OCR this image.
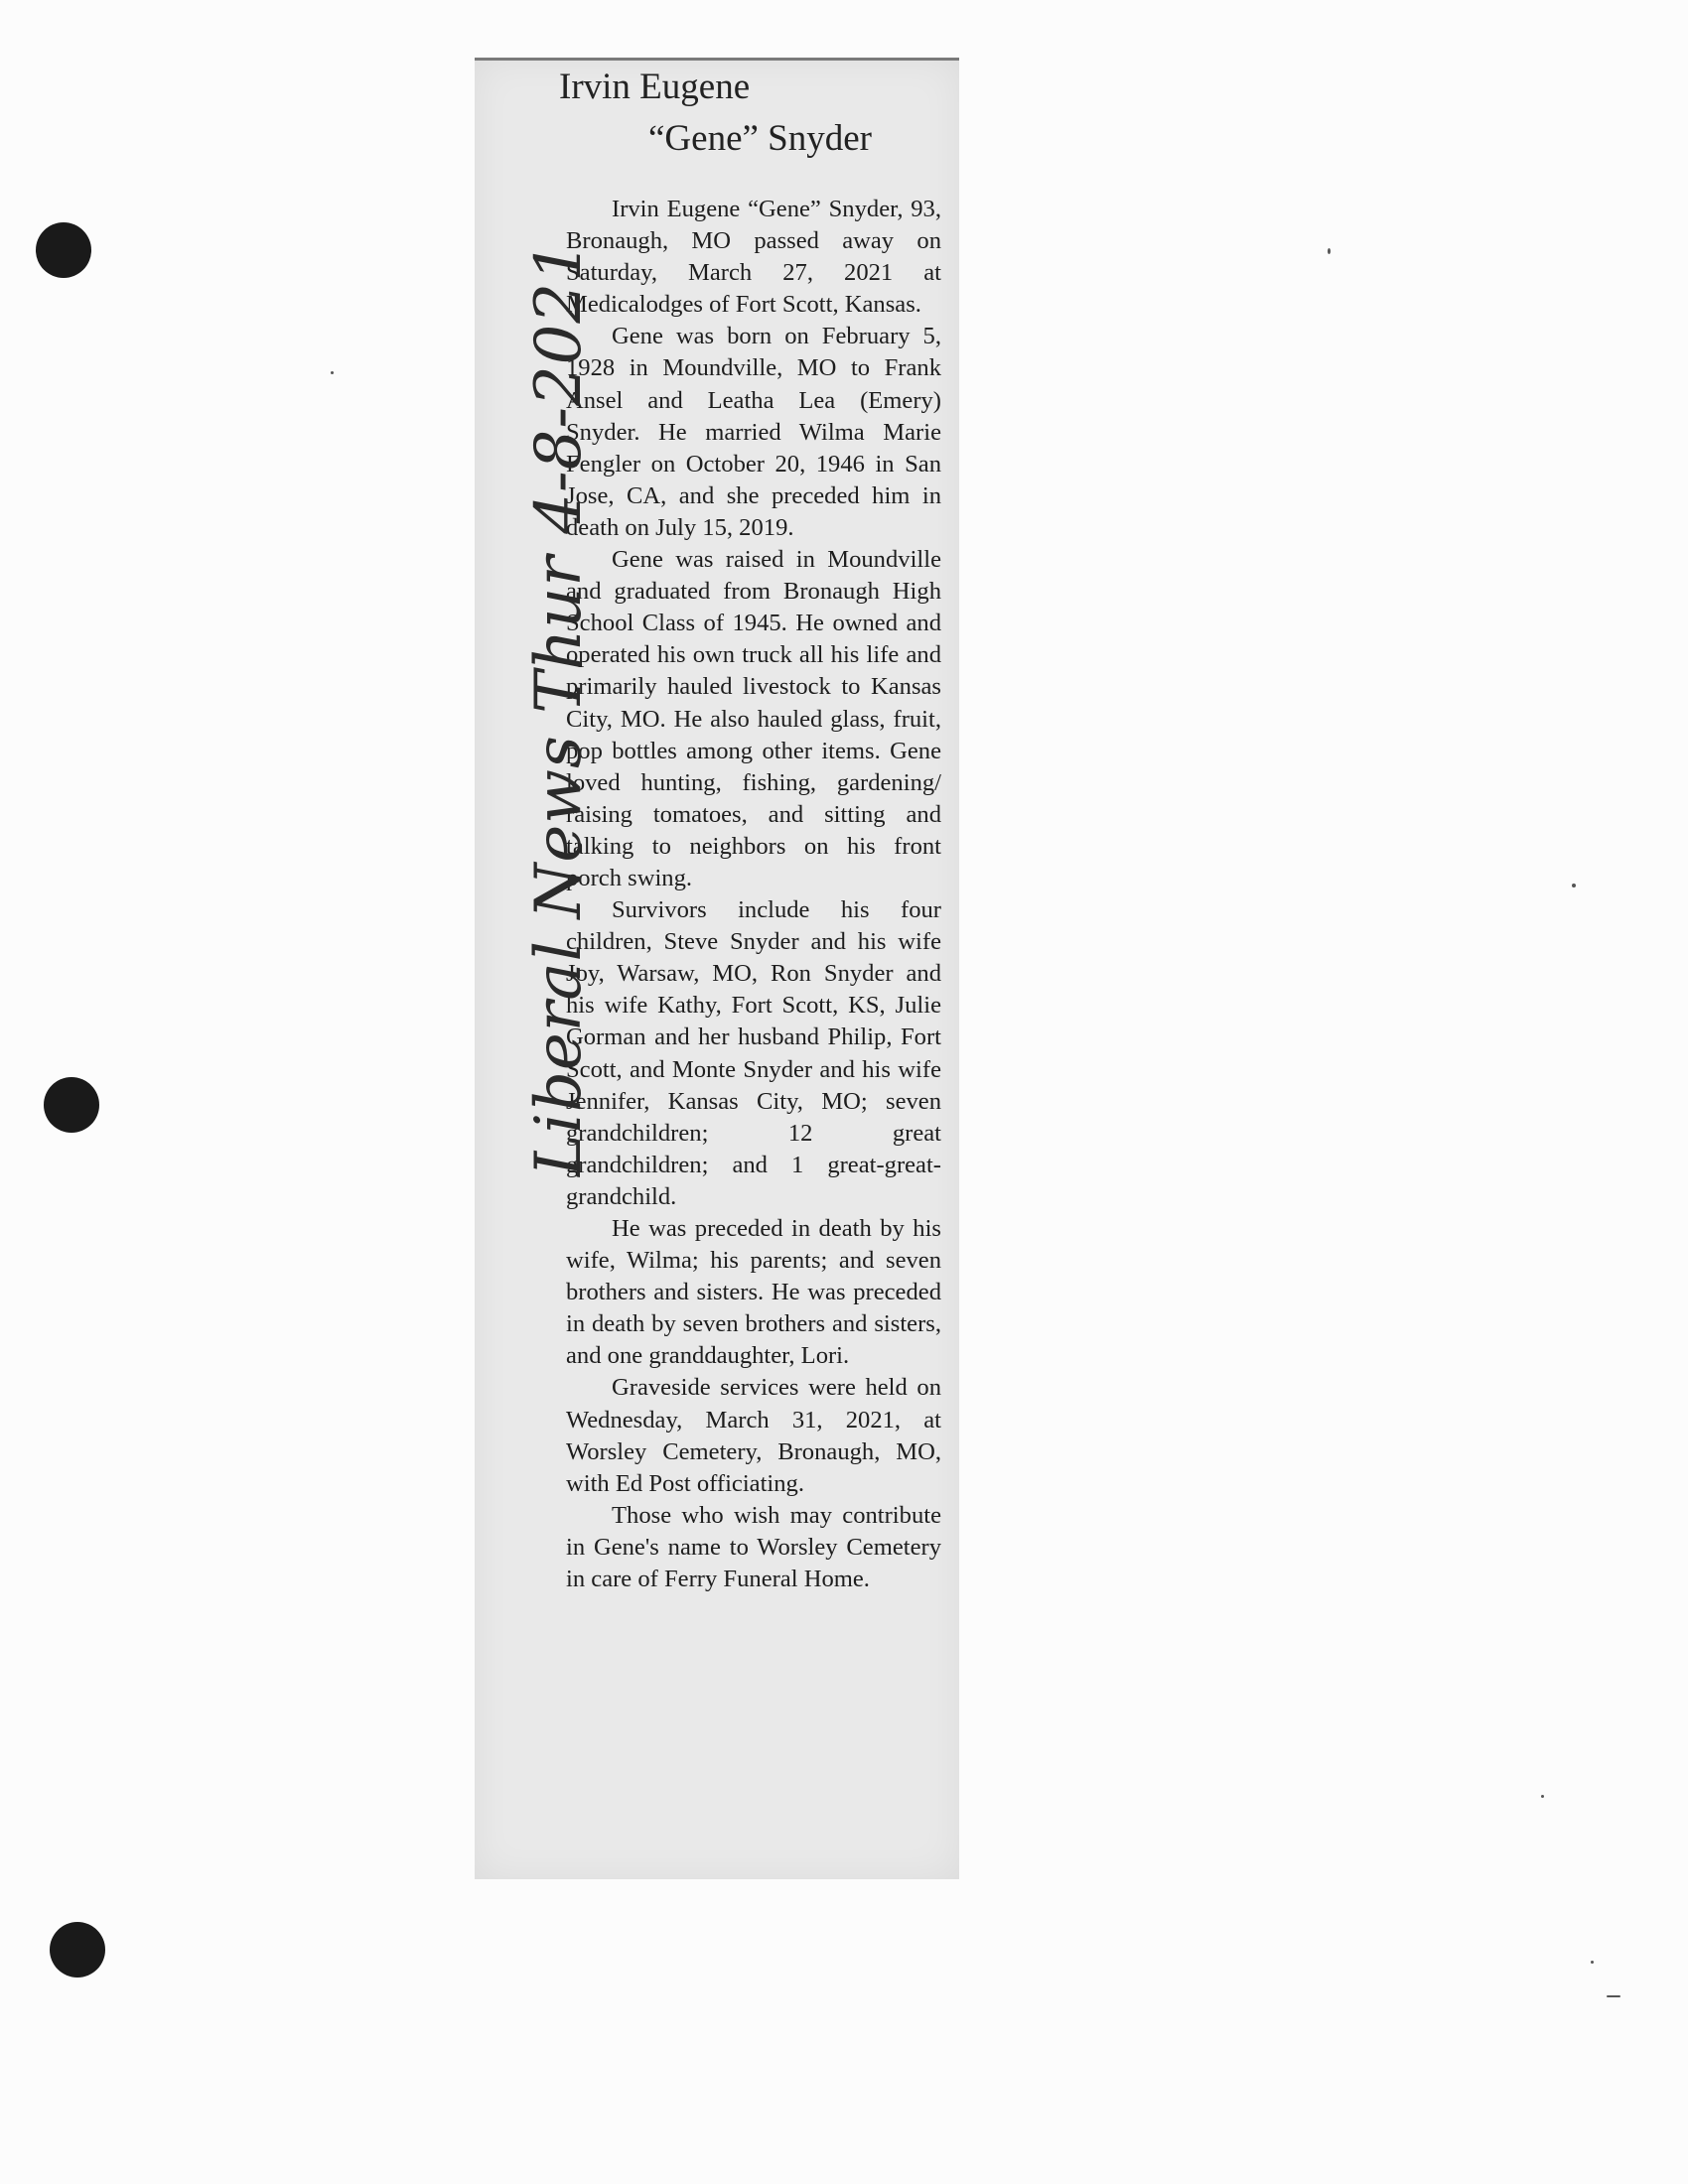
Irvin Eugene
“Gene” Snyder

Irvin Eugene “Gene” Snyder, 93, Bronaugh, MO passed away on Saturday, March 27, 2021 at Medicalodges of Fort Scott, Kansas.

Gene was born on February 5, 1928 in Moundville, MO to Frank Ansel and Leatha Lea (Emery) Snyder. He married Wilma Marie Fengler on October 20, 1946 in San Jose, CA, and she preceded him in death on July 15, 2019.

Gene was raised in Moundville and graduated from Bronaugh High School Class of 1945. He owned and operated his own truck all his life and primarily hauled livestock to Kansas City, MO. He also hauled glass, fruit, pop bottles among other items. Gene loved hunting, fishing, gardening/ raising tomatoes, and sitting and talking to neighbors on his front porch swing.

Survivors include his four children, Steve Snyder and his wife Joy, Warsaw, MO, Ron Snyder and his wife Kathy, Fort Scott, KS, Julie Gorman and her husband Philip, Fort Scott, and Monte Snyder and his wife Jennifer, Kansas City, MO; seven grandchildren; 12 great grandchildren; and 1 great-great-grandchild.

He was preceded in death by his wife, Wilma; his parents; and seven brothers and sisters. He was preceded in death by seven brothers and sisters, and one granddaughter, Lori.

Graveside services were held on Wednesday, March 31, 2021, at Worsley Cemetery, Bronaugh, MO, with Ed Post officiating.

Those who wish may contribute in Gene's name to Worsley Cemetery in care of Ferry Funeral Home.

Liberal News Thur 4-8-2021
